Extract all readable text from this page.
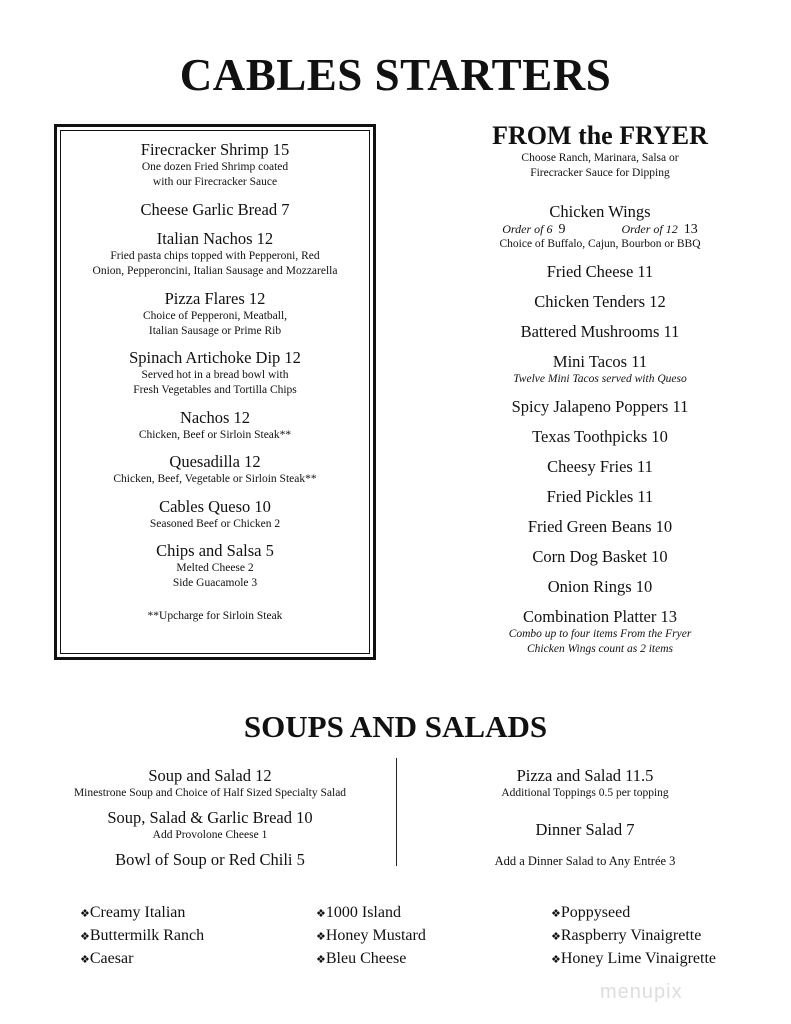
CABLES STARTERS
Firecracker Shrimp 15
One dozen Fried Shrimp coated
with our Firecracker Sauce
Cheese Garlic Bread 7
Italian Nachos 12
Fried pasta chips topped with Pepperoni, Red
Onion, Pepperoncini, Italian Sausage and Mozzarella
Pizza Flares 12
Choice of Pepperoni, Meatball,
Italian Sausage or Prime Rib
Spinach Artichoke Dip 12
Served hot in a bread bowl with
Fresh Vegetables and Tortilla Chips
Nachos 12
Chicken, Beef or Sirloin Steak**
Quesadilla 12
Chicken, Beef, Vegetable or Sirloin Steak**
Cables Queso 10
Seasoned Beef or Chicken 2
Chips and Salsa 5
Melted Cheese 2
Side Guacamole 3
**Upcharge for Sirloin Steak
FROM the FRYER
Choose Ranch, Marinara, Salsa or
Firecracker Sauce for Dipping
Chicken Wings
Order of 6 9	Order of 12 13
Choice of Buffalo, Cajun, Bourbon or BBQ
Fried Cheese 11
Chicken Tenders 12
Battered Mushrooms 11
Mini Tacos 11
Twelve Mini Tacos served with Queso
Spicy Jalapeno Poppers 11
Texas Toothpicks 10
Cheesy Fries 11
Fried Pickles 11
Fried Green Beans 10
Corn Dog Basket 10
Onion Rings 10
Combination Platter 13
Combo up to four items From the Fryer
Chicken Wings count as 2 items
SOUPS AND SALADS
Soup and Salad 12
Minestrone Soup and Choice of Half Sized Specialty Salad
Soup, Salad & Garlic Bread 10
Add Provolone Cheese 1
Bowl of Soup or Red Chili 5
Pizza and Salad 11.5
Additional Toppings 0.5 per topping
Dinner Salad 7
Add a Dinner Salad to Any Entrée 3
❖Creamy Italian
❖Buttermilk Ranch
❖Caesar
❖1000 Island
❖Honey Mustard
❖Bleu Cheese
❖Poppyseed
❖Raspberry Vinaigrette
❖Honey Lime Vinaigrette
menupix
